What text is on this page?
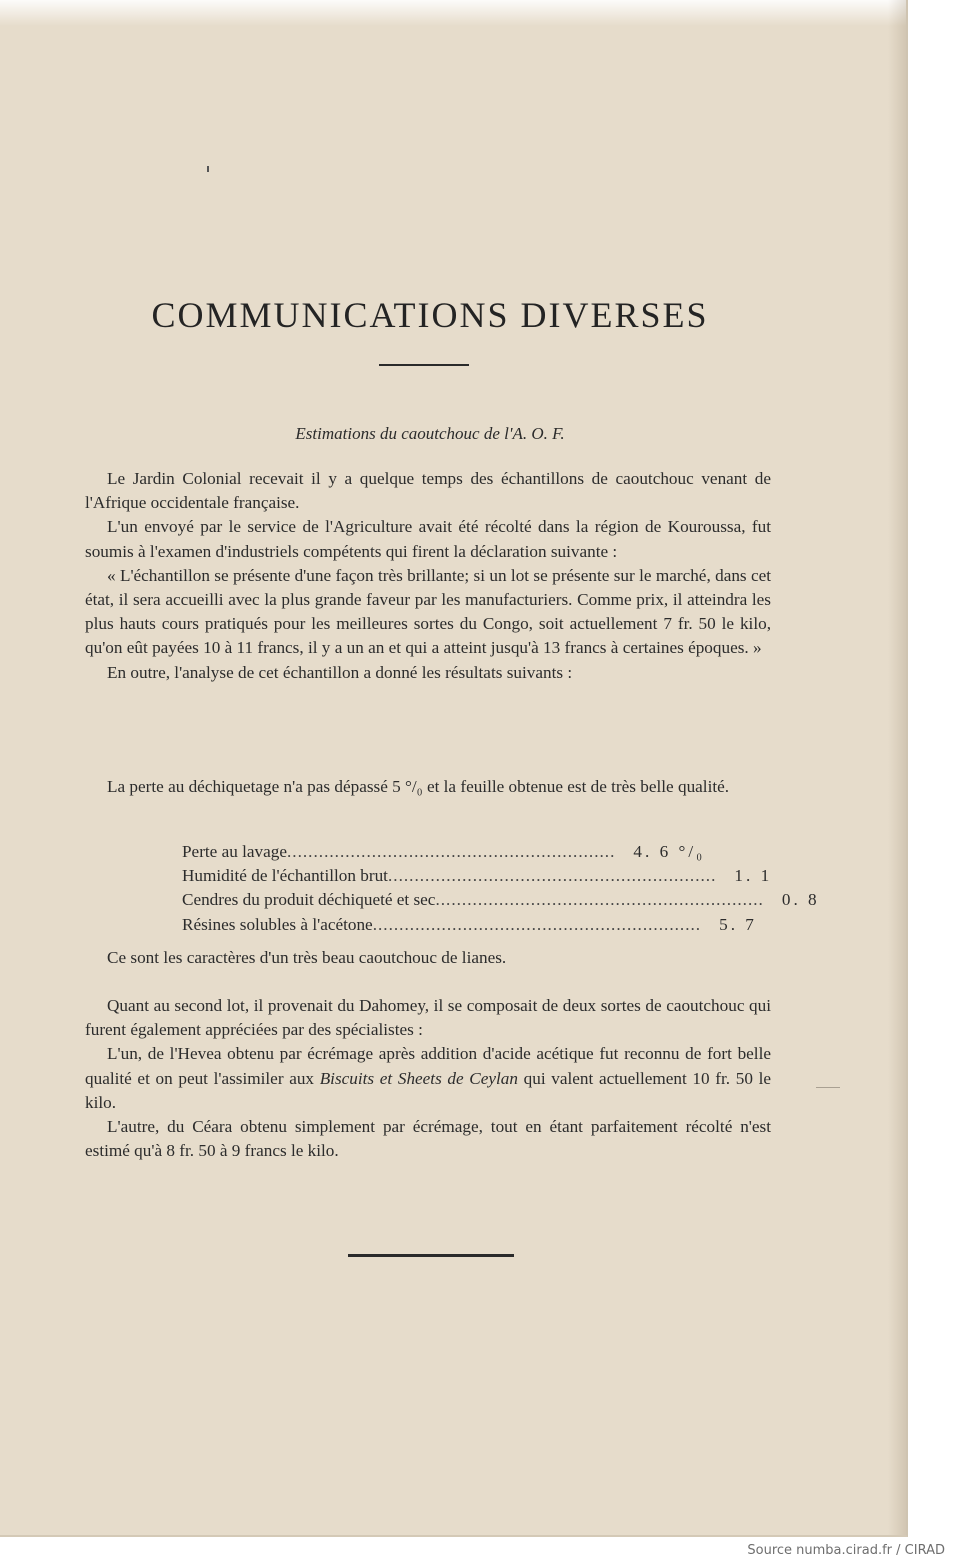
COMMUNICATIONS DIVERSES
Estimations du caoutchouc de l'A. O. F.

Le Jardin Colonial recevait il y a quelque temps des échantillons de caoutchouc venant de l'Afrique occidentale française.

L'un envoyé par le service de l'Agriculture avait été récolté dans la région de Kouroussa, fut soumis à l'examen d'industriels compétents qui firent la déclaration suivante :

« L'échantillon se présente d'une façon très brillante; si un lot se présente sur le marché, dans cet état, il sera accueilli avec la plus grande faveur par les manufacturiers. Comme prix, il atteindra les plus hauts cours pratiqués pour les meilleures sortes du Congo, soit actuellement 7 fr. 50 le kilo, qu'on eût payées 10 à 11 francs, il y a un an et qui a atteint jusqu'à 13 francs à certaines époques. »

En outre, l'analyse de cet échantillon a donné les résultats suivants :

La perte au déchiquetage n'a pas dépassé 5 °/₀ et la feuille obtenue est de très belle qualité.

Perte au lavage ..............................................................	4. 6 °/₀
Humidité de l'échantillon brut ..............................................................	1. 1
Cendres du produit déchiqueté et sec ..............................................................	0. 8
Résines solubles à l'acétone ..............................................................	5. 7

Ce sont les caractères d'un très beau caoutchouc de lianes.

Quant au second lot, il provenait du Dahomey, il se composait de deux sortes de caoutchouc qui furent également appréciées par des spécialistes :

L'un, de l'Hevea obtenu par écrémage après addition d'acide acétique fut reconnu de fort belle qualité et on peut l'assimiler aux Biscuits et Sheets de Ceylan qui valent actuellement 10 fr. 50 le kilo.

L'autre, du Céara obtenu simplement par écrémage, tout en étant parfaitement récolté n'est estimé qu'à 8 fr. 50 à 9 francs le kilo.

Source numba.cirad.fr / CIRAD
